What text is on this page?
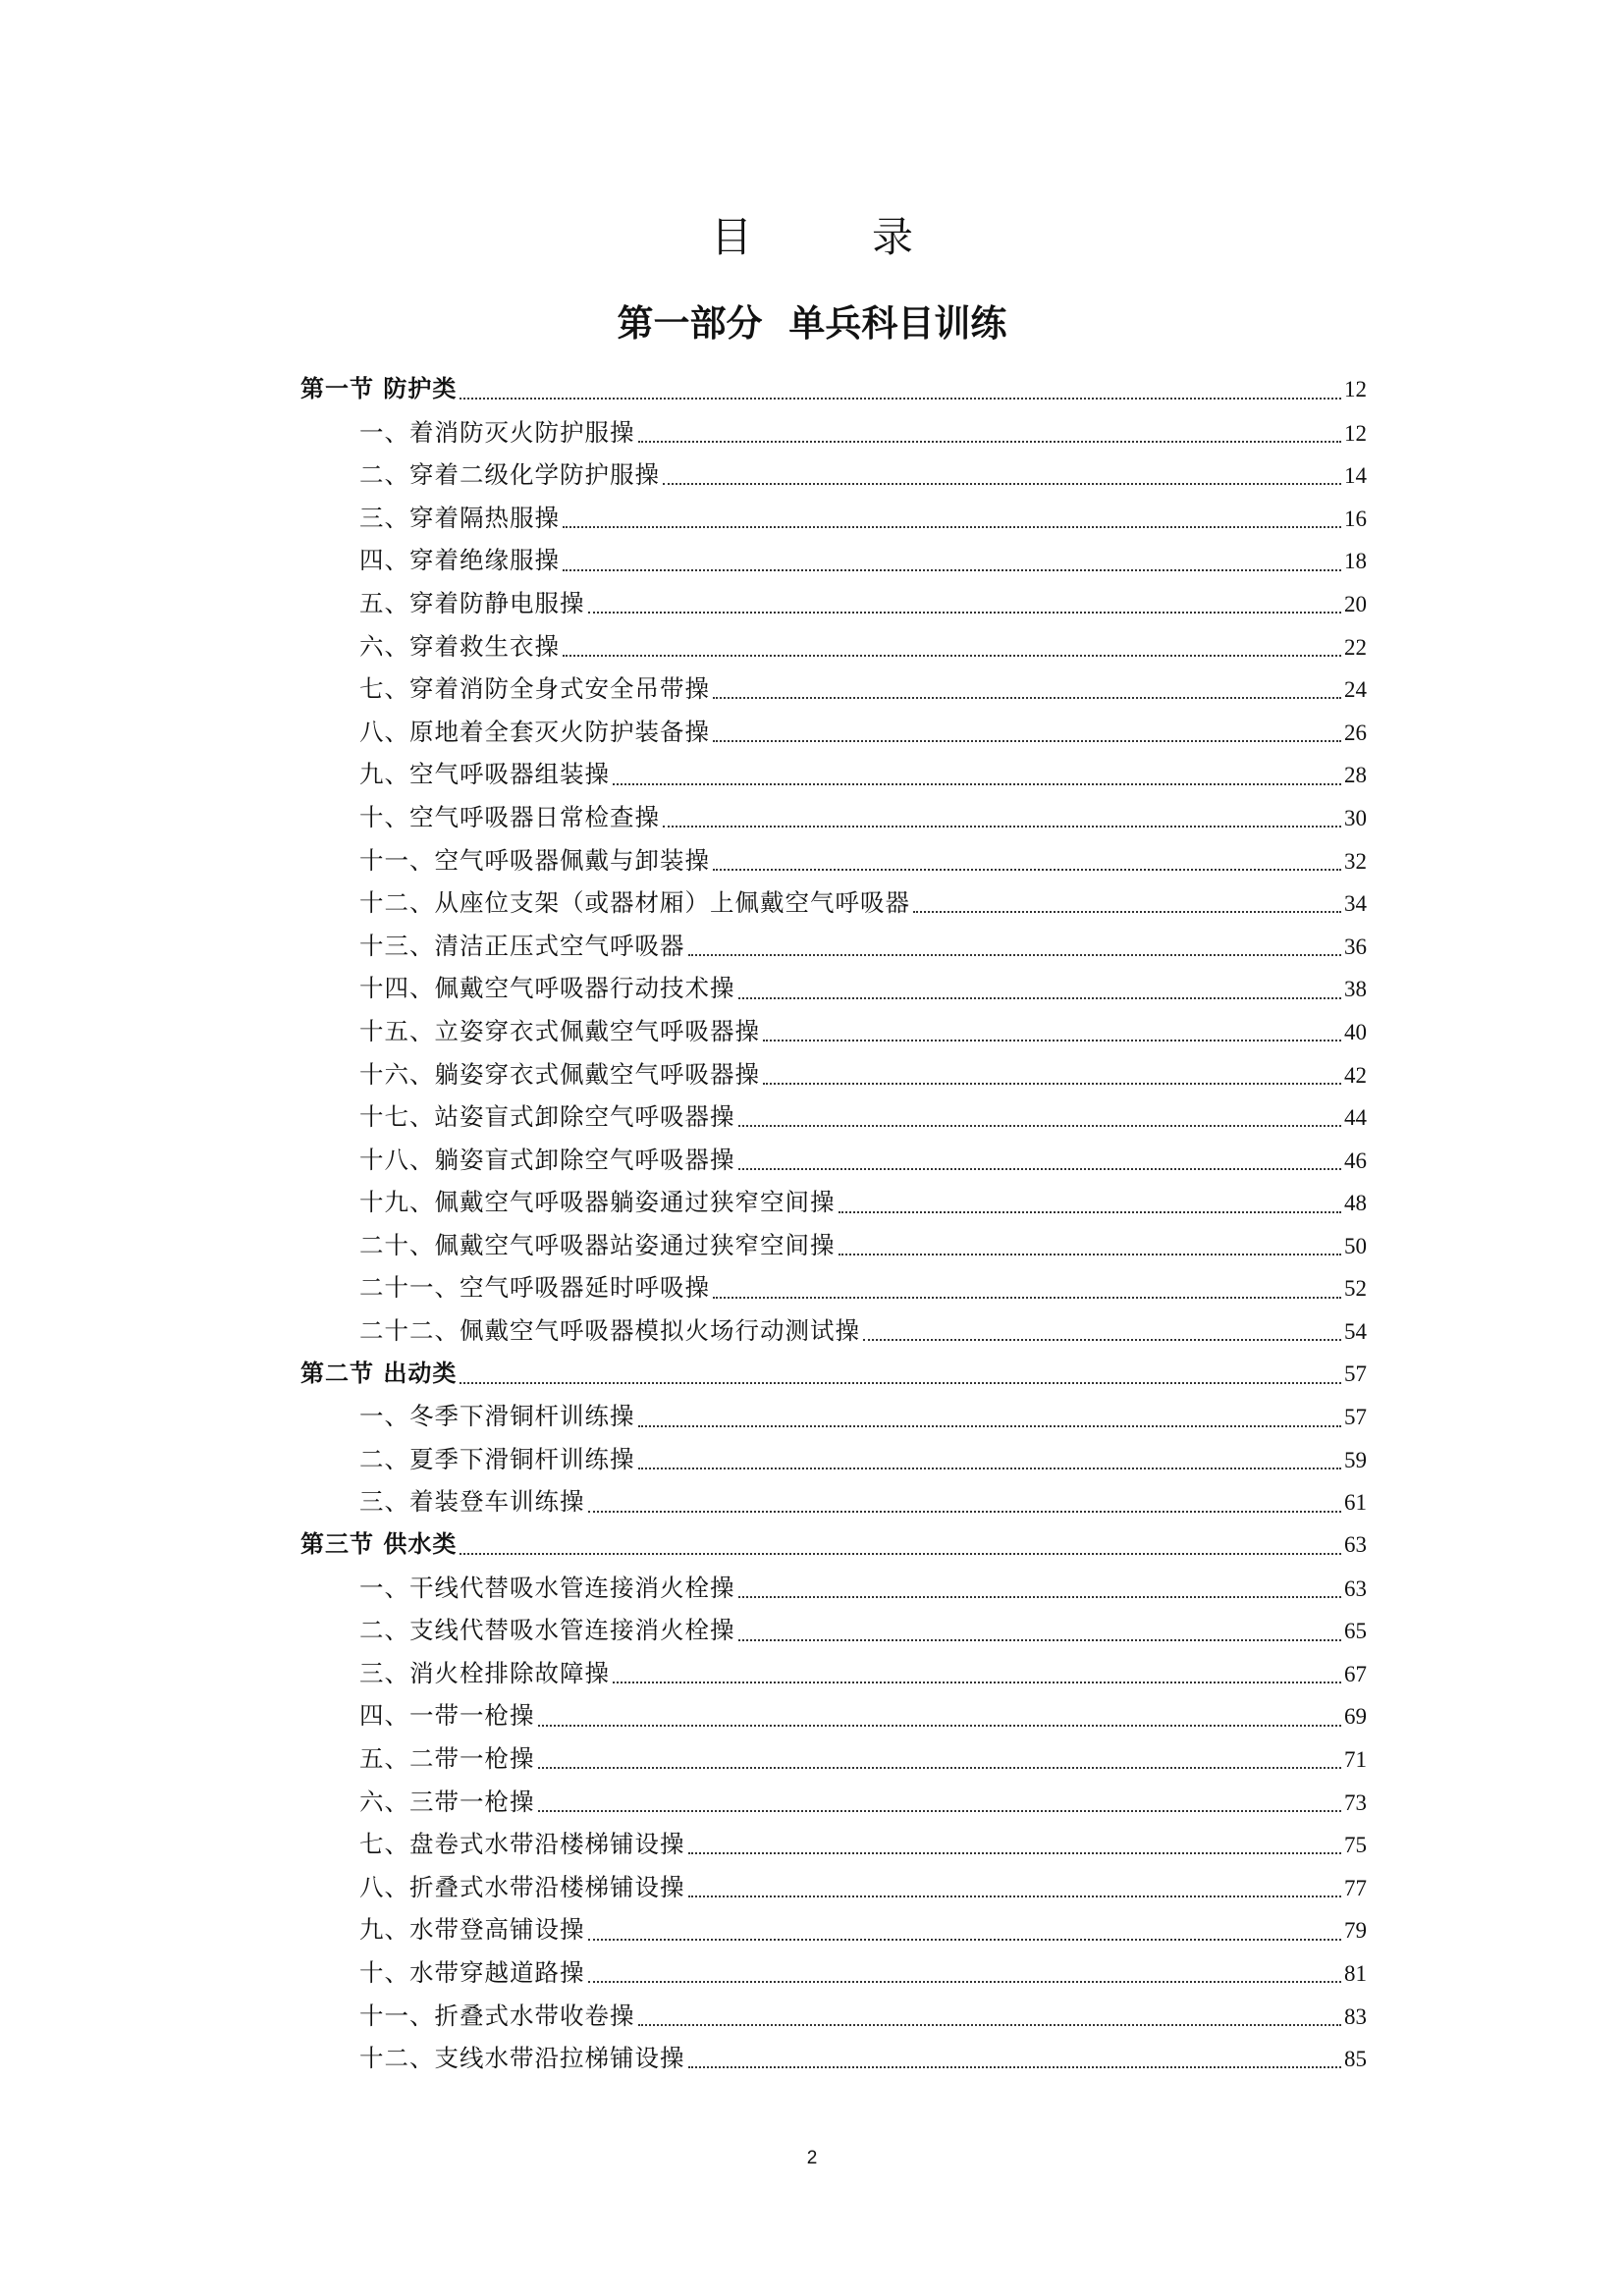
目　录
第一部分 单兵科目训练
第一节 防护类	12
一、着消防灭火防护服操	12
二、穿着二级化学防护服操	14
三、穿着隔热服操	16
四、穿着绝缘服操	18
五、穿着防静电服操	20
六、穿着救生衣操	22
七、穿着消防全身式安全吊带操	24
八、原地着全套灭火防护装备操	26
九、空气呼吸器组装操	28
十、空气呼吸器日常检查操	30
十一、空气呼吸器佩戴与卸装操	32
十二、从座位支架（或器材厢）上佩戴空气呼吸器	34
十三、清洁正压式空气呼吸器	36
十四、佩戴空气呼吸器行动技术操	38
十五、立姿穿衣式佩戴空气呼吸器操	40
十六、躺姿穿衣式佩戴空气呼吸器操	42
十七、站姿盲式卸除空气呼吸器操	44
十八、躺姿盲式卸除空气呼吸器操	46
十九、佩戴空气呼吸器躺姿通过狭窄空间操	48
二十、佩戴空气呼吸器站姿通过狭窄空间操	50
二十一、空气呼吸器延时呼吸操	52
二十二、佩戴空气呼吸器模拟火场行动测试操	54
第二节 出动类	57
一、冬季下滑铜杆训练操	57
二、夏季下滑铜杆训练操	59
三、着装登车训练操	61
第三节 供水类	63
一、干线代替吸水管连接消火栓操	63
二、支线代替吸水管连接消火栓操	65
三、消火栓排除故障操	67
四、一带一枪操	69
五、二带一枪操	71
六、三带一枪操	73
七、盘卷式水带沿楼梯铺设操	75
八、折叠式水带沿楼梯铺设操	77
九、水带登高铺设操	79
十、水带穿越道路操	81
十一、折叠式水带收卷操	83
十二、支线水带沿拉梯铺设操	85
2
